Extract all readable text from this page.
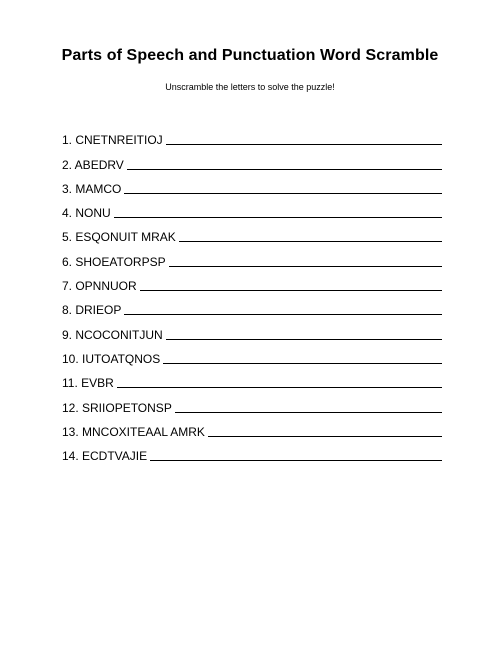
Parts of Speech and Punctuation Word Scramble
Unscramble the letters to solve the puzzle!
1. CNETNREITIOJ
2. ABEDRV
3. MAMCO
4. NONU
5. ESQONUIT MRAK
6. SHOEATORPSP
7. OPNNUOR
8. DRIEOP
9. NCOCONITJUN
10. IUTOATQNOS
11. EVBR
12. SRIIOPETONSP
13. MNCOXITEAAL AMRK
14. ECDTVAJIE
